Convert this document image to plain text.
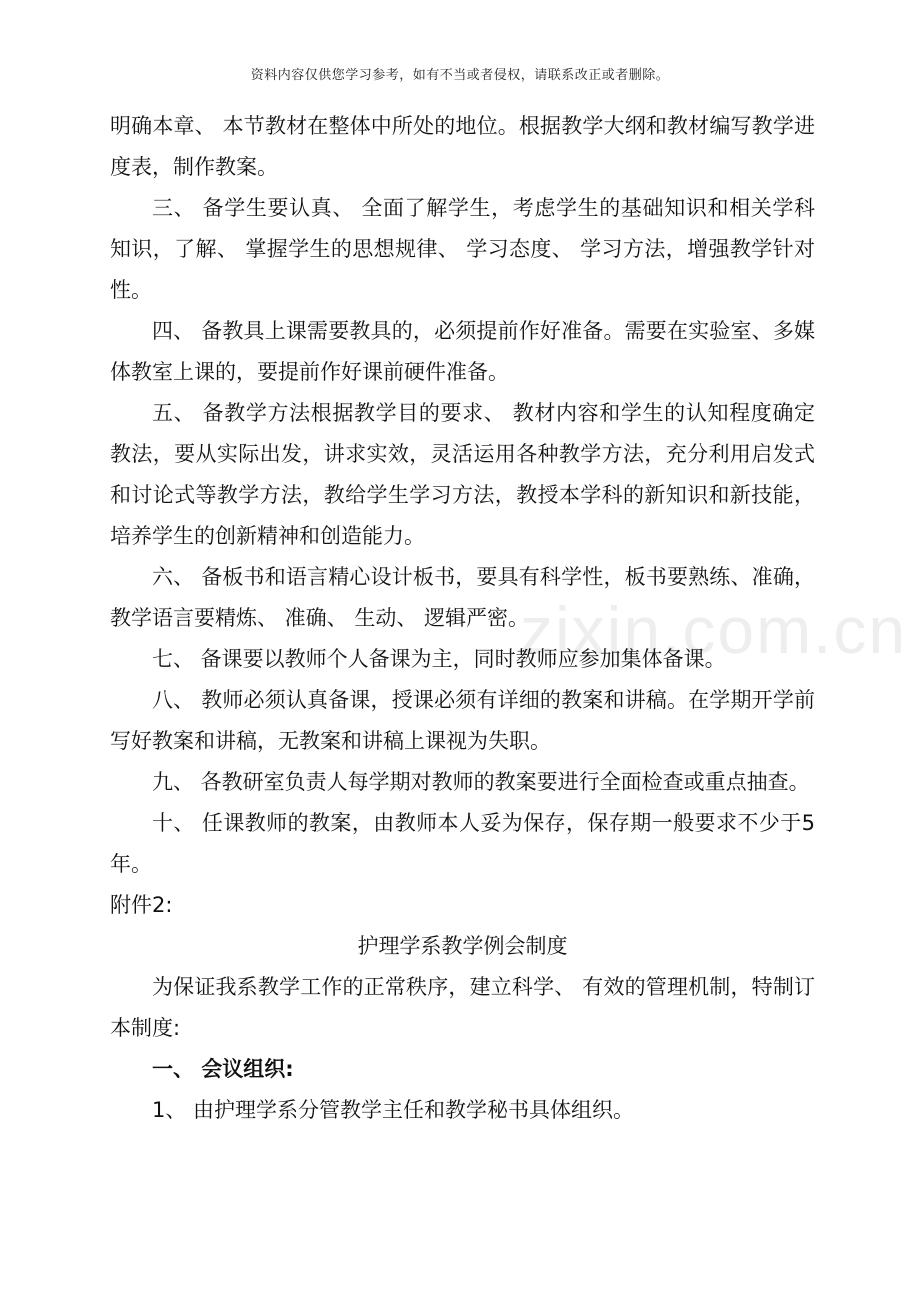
资料内容仅供您学习参考，如有不当或者侵权，请联系改正或者删除。
zixin.com.cn

明确本章、 本节教材在整体中所处的地位。根据教学大纲和教材编写教学进度表，制作教案。

三、 备学生要认真、 全面了解学生，考虑学生的基础知识和相关学科知识，了解、 掌握学生的思想规律、 学习态度、 学习方法，增强教学针对性。

四、 备教具上课需要教具的，必须提前作好准备。需要在实验室、多媒体教室上课的，要提前作好课前硬件准备。

五、 备教学方法根据教学目的要求、 教材内容和学生的认知程度确定教法，要从实际出发，讲求实效，灵活运用各种教学方法，充分利用启发式和讨论式等教学方法，教给学生学习方法，教授本学科的新知识和新技能，培养学生的创新精神和创造能力。

六、 备板书和语言精心设计板书，要具有科学性，板书要熟练、准确，教学语言要精炼、 准确、 生动、 逻辑严密。

七、 备课要以教师个人备课为主，同时教师应参加集体备课。

八、 教师必须认真备课，授课必须有详细的教案和讲稿。在学期开学前写好教案和讲稿，无教案和讲稿上课视为失职。

九、 各教研室负责人每学期对教师的教案要进行全面检查或重点抽查。

十、 任课教师的教案，由教师本人妥为保存，保存期一般要求不少于5年。

附件2:

护理学系教学例会制度

为保证我系教学工作的正常秩序，建立科学、 有效的管理机制，特制订本制度:

一、 会议组织:

1、 由护理学系分管教学主任和教学秘书具体组织。
